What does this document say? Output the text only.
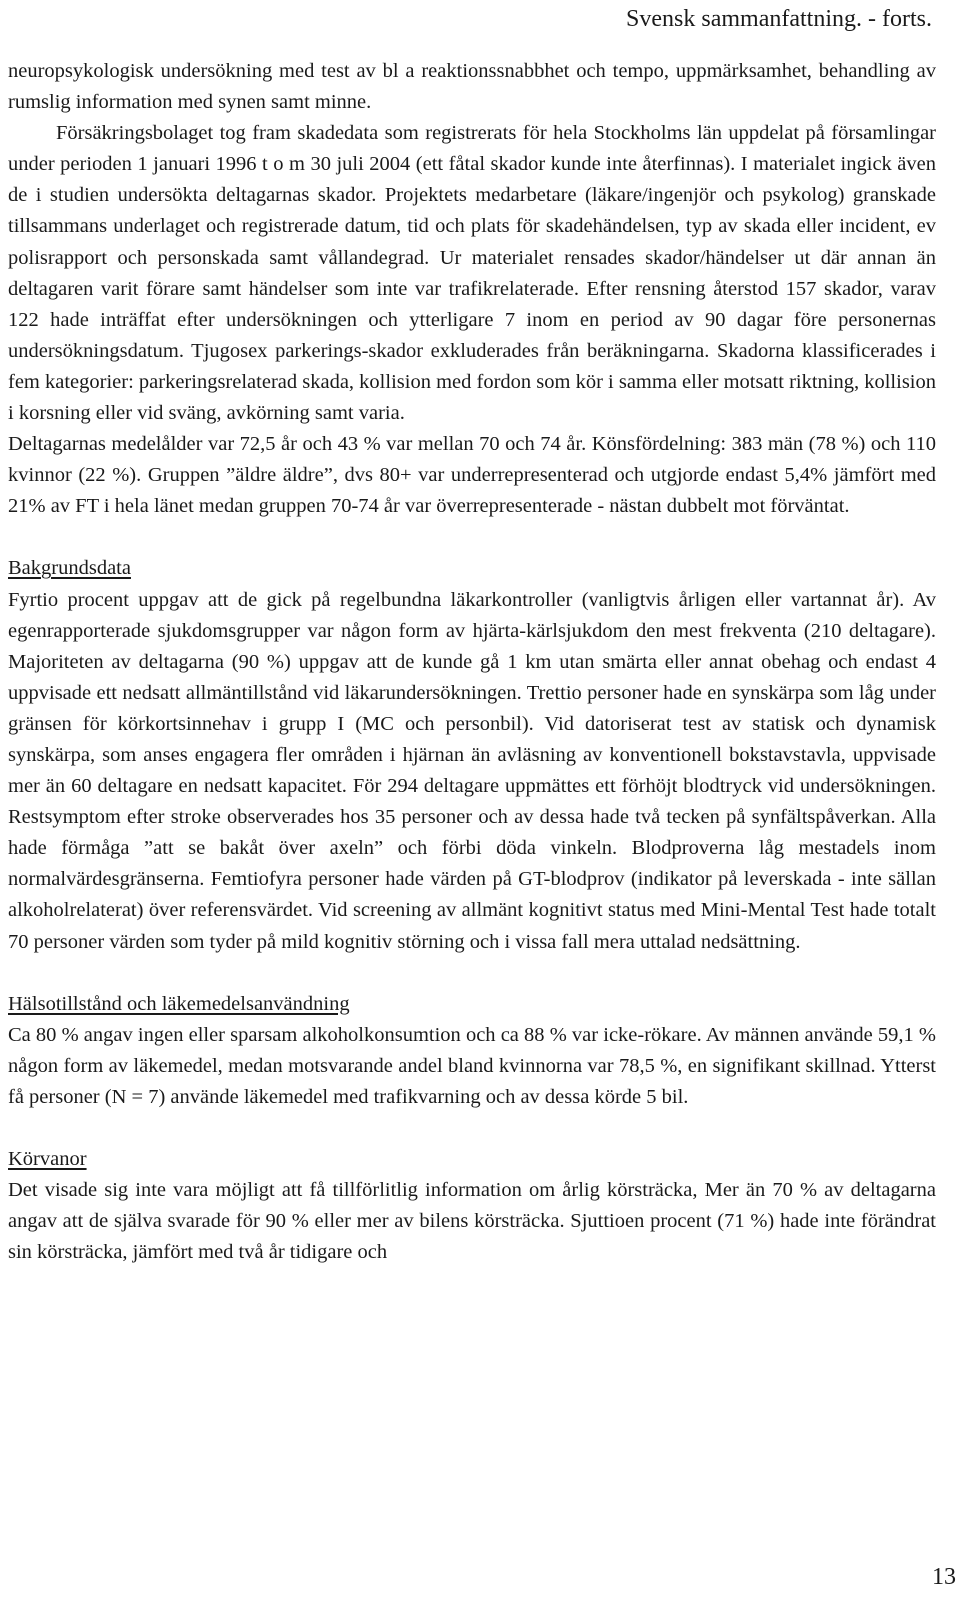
Svensk sammanfattning. - forts.

neuropsykologisk undersökning med test av bl a reaktionssnabbhet och tempo, uppmärksamhet, behandling av rumslig information med synen samt minne.

Försäkringsbolaget tog fram skadedata som registrerats för hela Stockholms län uppdelat på församlingar under perioden 1 januari 1996 t o m 30 juli 2004 (ett fåtal skador kunde inte återfinnas). I materialet ingick även de i studien undersökta deltagarnas skador. Projektets medarbetare (läkare/ingenjör och psykolog) granskade tillsammans underlaget och registrerade datum, tid och plats för skadehändelsen, typ av skada eller incident, ev polisrapport och personskada samt vållandegrad. Ur materialet rensades skador/händelser ut där annan än deltagaren varit förare samt händelser som inte var trafikrelaterade. Efter rensning återstod 157 skador, varav 122 hade inträffat efter undersökningen och ytterligare 7 inom en period av 90 dagar före personernas undersökningsdatum. Tjugosex parkerings-skador exkluderades från beräkningarna. Skadorna klassificerades i fem kategorier: parkeringsrelaterad skada, kollision med fordon som kör i samma eller motsatt riktning, kollision i korsning eller vid sväng, avkörning samt varia.

Deltagarnas medelålder var 72,5 år och 43 % var mellan 70 och 74 år. Könsfördelning: 383 män (78 %) och 110 kvinnor (22 %). Gruppen ”äldre äldre”, dvs 80+ var underrepresenterad och utgjorde endast 5,4% jämfört med 21% av FT i hela länet medan gruppen 70-74 år var överrepresenterade - nästan dubbelt mot förväntat.

Bakgrundsdata

Fyrtio procent uppgav att de gick på regelbundna läkarkontroller (vanligtvis årligen eller vartannat år). Av egenrapporterade sjukdomsgrupper var någon form av hjärta-kärlsjukdom den mest frekventa (210 deltagare). Majoriteten av deltagarna (90 %) uppgav att de kunde gå 1 km utan smärta eller annat obehag och endast 4 uppvisade ett nedsatt allmäntillstånd vid läkarundersökningen. Trettio personer hade en synskärpa som låg under gränsen för körkortsinnehav i grupp I (MC och personbil). Vid datoriserat test av statisk och dynamisk synskärpa, som anses engagera fler områden i hjärnan än avläsning av konventionell bokstavstavla, uppvisade mer än 60 deltagare en nedsatt kapacitet. För 294 deltagare uppmättes ett förhöjt blodtryck vid undersökningen. Restsymptom efter stroke observerades hos 35 personer och av dessa hade två tecken på synfältspåverkan. Alla hade förmåga ”att se bakåt över axeln” och förbi döda vinkeln. Blodproverna låg mestadels inom normalvärdesgränserna. Femtiofyra personer hade värden på GT-blodprov (indikator på leverskada - inte sällan alkoholrelaterat) över referensvärdet. Vid screening av allmänt kognitivt status med Mini-Mental Test hade totalt 70 personer värden som tyder på mild kognitiv störning och i vissa fall mera uttalad nedsättning.

Hälsotillstånd och läkemedelsanvändning

Ca 80 % angav ingen eller sparsam alkoholkonsumtion och ca 88 % var icke-rökare. Av männen använde 59,1 % någon form av läkemedel, medan motsvarande andel bland kvinnorna var 78,5 %, en signifikant skillnad. Ytterst få personer (N = 7) använde läkemedel med trafikvarning och av dessa körde 5 bil.

Körvanor

Det visade sig inte vara möjligt att få tillförlitlig information om årlig körsträcka, Mer än 70 % av deltagarna angav att de själva svarade för 90 % eller mer av bilens körsträcka. Sjuttioen procent (71 %) hade inte förändrat sin körsträcka, jämfört med två år tidigare och

13
